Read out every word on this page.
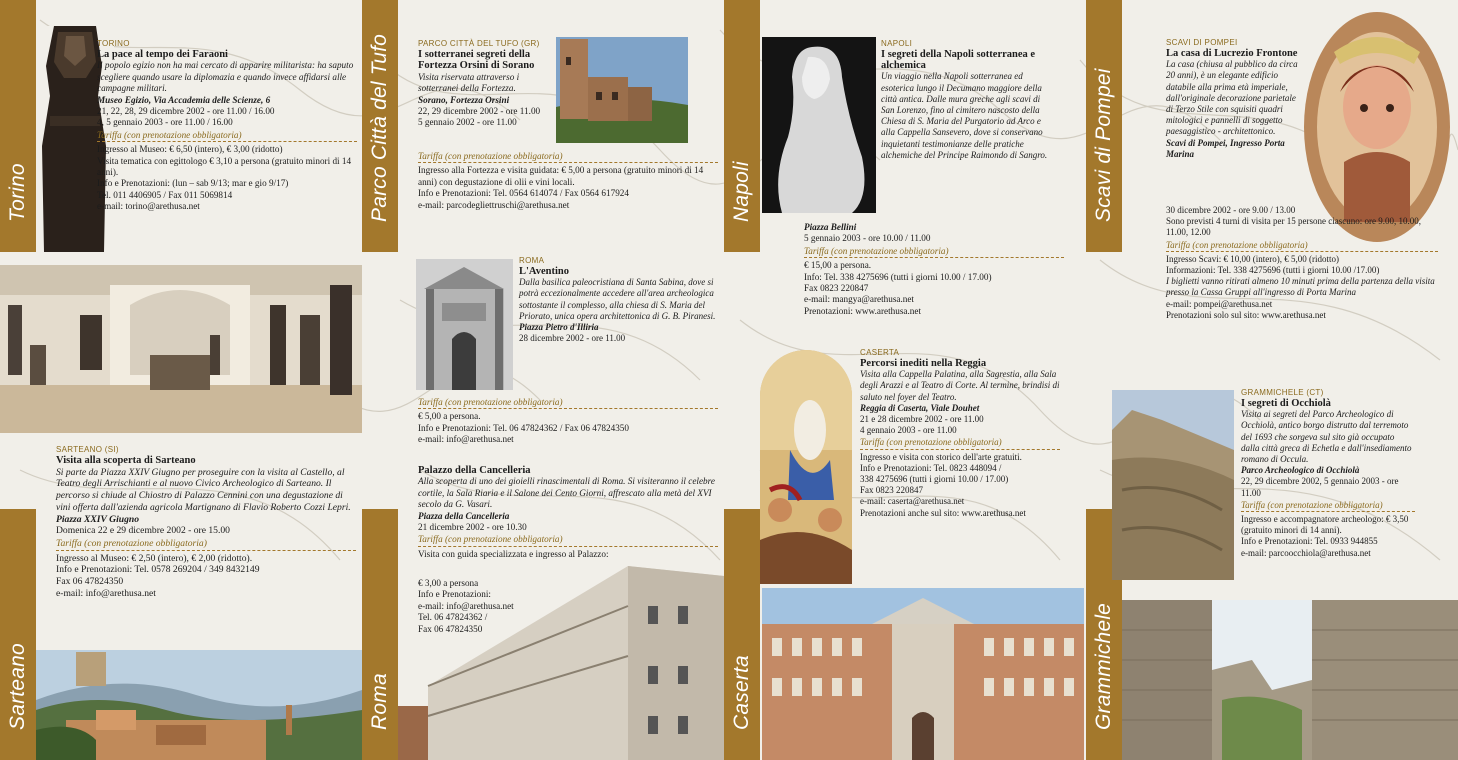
Torino
Sarteano
Parco Città del Tufo
Roma
Napoli
Caserta
Scavi di Pompei
Grammichele

TORINO

La pace al tempo dei Faraoni

Il popolo egizio non ha mai cercato di apparire militarista: ha saputo scegliere quando usare la diplomazia e quando invece affidarsi alle campagne militari.

Museo Egizio, Via Accademia delle Scienze, 6

21, 22, 28, 29 dicembre 2002 - ore 11.00 / 16.00

4, 5 gennaio 2003 - ore 11.00 / 16.00

Tariffa (con prenotazione obbligatoria)

Ingresso al Museo: € 6,50 (intero), € 3,00 (ridotto)

Visita tematica con egittologo € 3,10 a persona (gratuito minori di 14 anni).

Info e Prenotazioni: (lun – sab 9/13; mar e gio 9/17)

Tel. 011 4406905 / Fax 011 5069814

e-mail: torino@arethusa.net

SARTEANO (SI)

Visita alla scoperta di Sarteano

Si parte da Piazza XXIV Giugno per proseguire con la visita al Castello, al Teatro degli Arrischianti e al nuovo Civico Archeologico di Sarteano. Il percorso si chiude al Chiostro di Palazzo Cennini con una degustazione di vini offerta dall'azienda agricola Martignano di Flavio Roberto Cozzi Lepri.

Piazza XXIV Giugno

Domenica 22 e 29 dicembre 2002 - ore 15.00

Tariffa (con prenotazione obbligatoria)

Ingresso al Museo: € 2,50 (intero), € 2,00 (ridotto).

Info e Prenotazioni: Tel. 0578 269204 / 349 8432149

Fax 06 47824350

e-mail: info@arethusa.net

PARCO CITTÀ DEL TUFO (GR)

I sotterranei segreti della Fortezza Orsini di Sorano

Visita riservata attraverso i sotterranei della Fortezza.

Sorano, Fortezza Orsini

22, 29 dicembre 2002 - ore 11.00

5 gennaio 2002 - ore 11.00

Tariffa (con prenotazione obbligatoria)

Ingresso alla Fortezza e visita guidata: € 5,00 a persona (gratuito minori di 14 anni) con degustazione di olii e vini locali.

Info e Prenotazioni: Tel. 0564 614074 / Fax 0564 617924

e-mail: parcodegliettruschi@arethusa.net

ROMA

L'Aventino

Dalla basilica paleocristiana di Santa Sabina, dove si potrà eccezionalmente accedere all'area archeologica sottostante il complesso, alla chiesa di S. Maria del Priorato, unica opera architettonica di G. B. Piranesi.

Piazza Pietro d'Illiria

28 dicembre 2002 - ore 11.00

Tariffa (con prenotazione obbligatoria)

€ 5,00 a persona.

Info e Prenotazioni: Tel. 06 47824362 / Fax 06 47824350

e-mail: info@arethusa.net

Palazzo della Cancelleria

Alla scoperta di uno dei gioielli rinascimentali di Roma. Si visiteranno il celebre cortile, la Sala Riaria e il Salone dei Cento Giorni, affrescato alla metà del XVI secolo da G. Vasari.

Piazza della Cancelleria

21 dicembre 2002 - ore 10.30

Tariffa (con prenotazione obbligatoria)

Visita con guida specializzata e ingresso al Palazzo:

€ 3,00 a persona

Info e Prenotazioni:

e-mail: info@arethusa.net

Tel. 06 47824362 /

Fax 06 47824350

NAPOLI

I segreti della Napoli sotterranea e alchemica

Un viaggio nella Napoli sotterranea ed esoterica lungo il Decumano maggiore della città antica. Dalle mura greche agli scavi di San Lorenzo, fino al cimitero nascosto della Chiesa di S. Maria del Purgatorio ad Arco e alla Cappella Sansevero, dove si conservano inquietanti testimonianze delle pratiche alchemiche del Principe Raimondo di Sangro.

Piazza Bellini

5 gennaio 2003 - ore 10.00 / 11.00

Tariffa (con prenotazione obbligatoria)

€ 15,00 a persona.

Info: Tel. 338 4275696 (tutti i giorni 10.00 / 17.00)

Fax 0823 220847

e-mail: mangya@arethusa.net

Prenotazioni: www.arethusa.net

CASERTA

Percorsi inediti nella Reggia

Visita alla Cappella Palatina, alla Sagrestia, alla Sala degli Arazzi e al Teatro di Corte. Al termine, brindisi di saluto nel foyer del Teatro.

Reggia di Caserta, Viale Douhet

21 e 28 dicembre 2002 - ore 11.00

4 gennaio 2003 - ore 11.00

Tariffa (con prenotazione obbligatoria)

Ingresso e visita con storico dell'arte gratuiti.

Info e Prenotazioni: Tel. 0823 448094 /

338 4275696 (tutti i giorni 10.00 / 17.00)

Fax 0823 220847

e-mail: caserta@arethusa.net

Prenotazioni anche sul sito: www.arethusa.net

SCAVI DI POMPEI

La casa di Lucrezio Frontone

La casa (chiusa al pubblico da circa 20 anni), è un elegante edificio databile alla prima età imperiale, dall'originale decorazione parietale di Terzo Stile con squisiti quadri mitologici e pannelli di soggetto paesaggistico - architettonico.

Scavi di Pompei, Ingresso Porta Marina

30 dicembre 2002 - ore 9.00 / 13.00

Sono previsti 4 turni di visita per 15 persone ciascuno: ore 9.00, 10.00, 11.00, 12.00

Tariffa (con prenotazione obbligatoria)

Ingresso Scavi: € 10,00 (intero), € 5,00 (ridotto)

Informazioni: Tel. 338 4275696 (tutti i giorni 10.00 /17.00)

I biglietti vanno ritirati almeno 10 minuti prima della partenza della visita presso la Cassa Gruppi all'ingresso di Porta Marina

e-mail: pompei@arethusa.net

Prenotazioni solo sul sito: www.arethusa.net

GRAMMICHELE (CT)

I segreti di Occhiolà

Visita ai segreti del Parco Archeologico di Occhiolà, antico borgo distrutto dal terremoto del 1693 che sorgeva sul sito già occupato dalla città greca di Echetla e dall'insediamento romano di Occula.

Parco Archeologico di Occhiolà

22, 29 dicembre 2002, 5 gennaio 2003 - ore 11.00

Tariffa (con prenotazione obbligatoria)

Ingresso e accompagnatore archeologo: € 3,50 (gratuito minori di 14 anni).

Info e Prenotazioni: Tel. 0933 944855

e-mail: parcoocchiola@arethusa.net
